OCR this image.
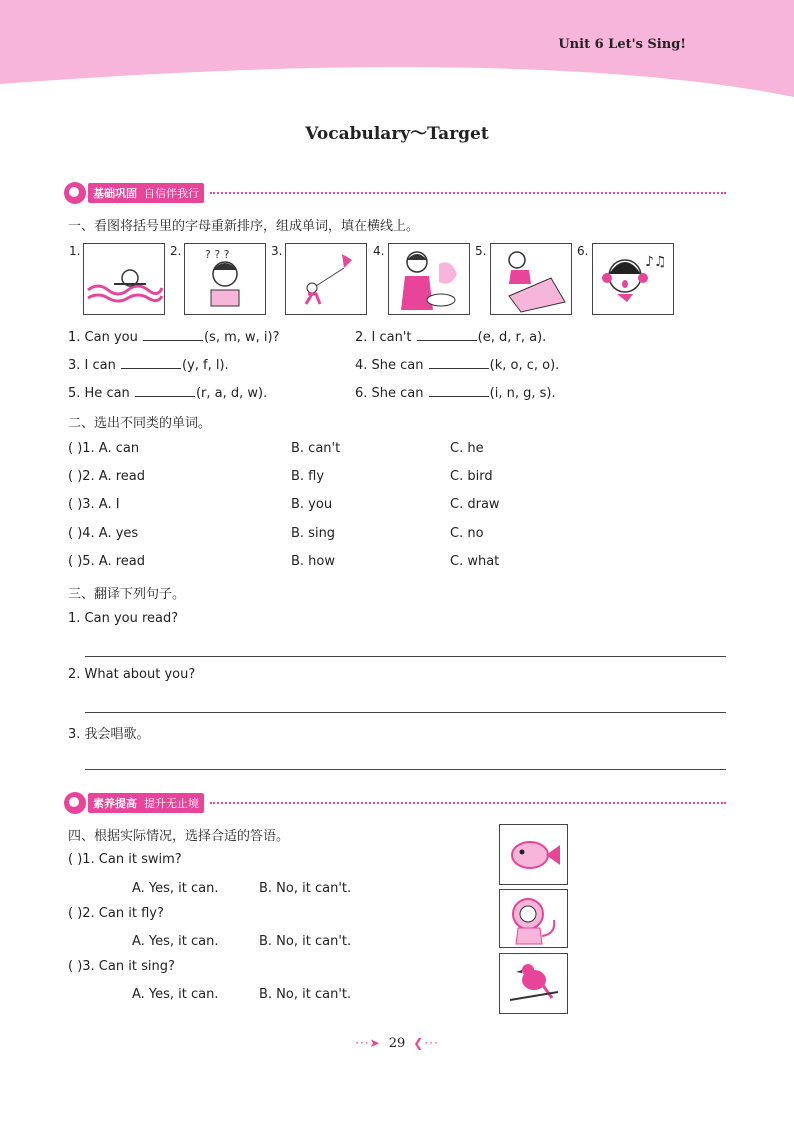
Unit 6 Let's Sing!
Vocabulary～Target
基础巩固 自信伴我行
一、看图将括号里的字母重新排序，组成单词，填在横线上。
1.	2.	3.	4.	5.	6.
? ? ?	♪♫
1. Can you	(s, m, w, i)?	2. I can't	(e, d, r, a).
3. I can	(y, f, l).	4. She can	(k, o, c, o).
5. He can	(r, a, d, w).	6. She can	(i, n, g, s).
二、选出不同类的单词。
( )1. A. can	B. can't	C. he
( )2. A. read	B. fly	C. bird
( )3. A. I	B. you	C. draw
( )4. A. yes	B. sing	C. no
( )5. A. read	B. how	C. what
三、翻译下列句子。
1. Can you read?
2. What about you?
3. 我会唱歌。
素养提高 提升无止境
四、根据实际情况，选择合适的答语。
( )1. Can it swim?
A. Yes, it can.	B. No, it can't.
( )2. Can it fly?
A. Yes, it can.	B. No, it can't.
( )3. Can it sing?
A. Yes, it can.	B. No, it can't.
···➤ 29 ❮···
